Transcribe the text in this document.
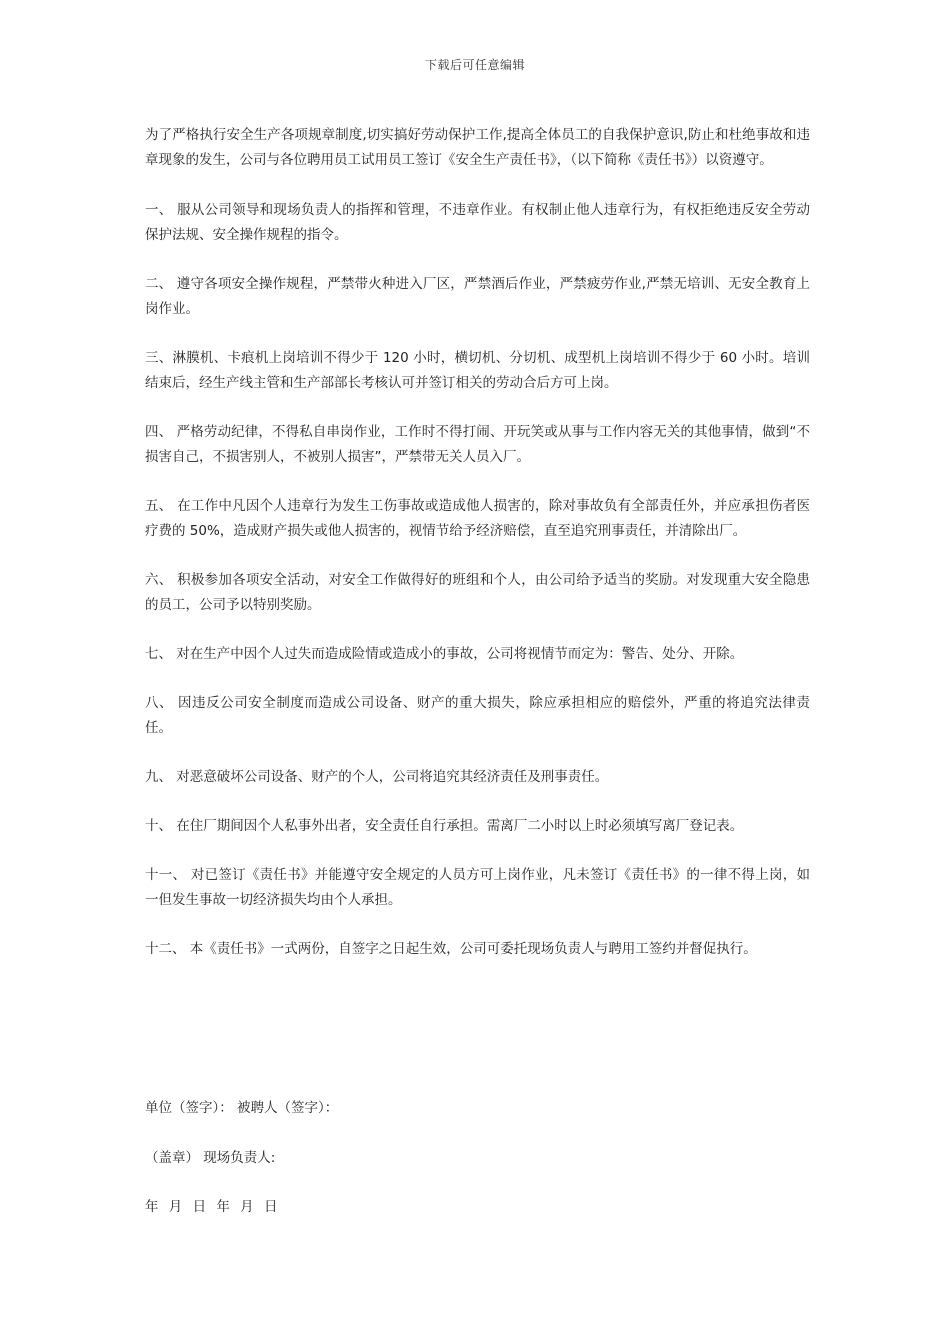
下载后可任意编辑

为了严格执行安全生产各项规章制度,切实搞好劳动保护工作,提高全体员工的自我保护意识,防止和杜绝事故和违章现象的发生，公司与各位聘用员工试用员工签订《安全生产责任书》，（以下简称《责任书》）以资遵守。

一、 服从公司领导和现场负责人的指挥和管理，不违章作业。有权制止他人违章行为，有权拒绝违反安全劳动保护法规、安全操作规程的指令。

二、 遵守各项安全操作规程，严禁带火种进入厂区，严禁酒后作业，严禁疲劳作业,严禁无培训、无安全教育上岗作业。

三、淋膜机、卡痕机上岗培训不得少于 120 小时，横切机、分切机、成型机上岗培训不得少于 60 小时。培训结束后，经生产线主管和生产部部长考核认可并签订相关的劳动合后方可上岗。

四、 严格劳动纪律，不得私自串岗作业，工作时不得打闹、开玩笑或从事与工作内容无关的其他事情，做到“不损害自己，不损害别人，不被别人损害”，严禁带无关人员入厂。

五、 在工作中凡因个人违章行为发生工伤事故或造成他人损害的，除对事故负有全部责任外，并应承担伤者医疗费的 50%，造成财产损失或他人损害的，视情节给予经济赔偿，直至追究刑事责任，并清除出厂。

六、 积极参加各项安全活动，对安全工作做得好的班组和个人，由公司给予适当的奖励。对发现重大安全隐患的员工，公司予以特别奖励。

七、 对在生产中因个人过失而造成险情或造成小的事故，公司将视情节而定为：警告、处分、开除。

八、 因违反公司安全制度而造成公司设备、财产的重大损失，除应承担相应的赔偿外，严重的将追究法律责任。

九、 对恶意破坏公司设备、财产的个人，公司将追究其经济责任及刑事责任。

十、 在住厂期间因个人私事外出者，安全责任自行承担。需离厂二小时以上时必须填写离厂登记表。

十一、 对已签订《责任书》并能遵守安全规定的人员方可上岗作业，凡未签订《责任书》的一律不得上岗，如一但发生事故一切经济损失均由个人承担。

十二、 本《责任书》一式两份，自签字之日起生效，公司可委托现场负责人与聘用工签约并督促执行。

单位（签字）： 被聘人（签字）：
（盖章） 现场负责人:
年 月 日 年 月 日
